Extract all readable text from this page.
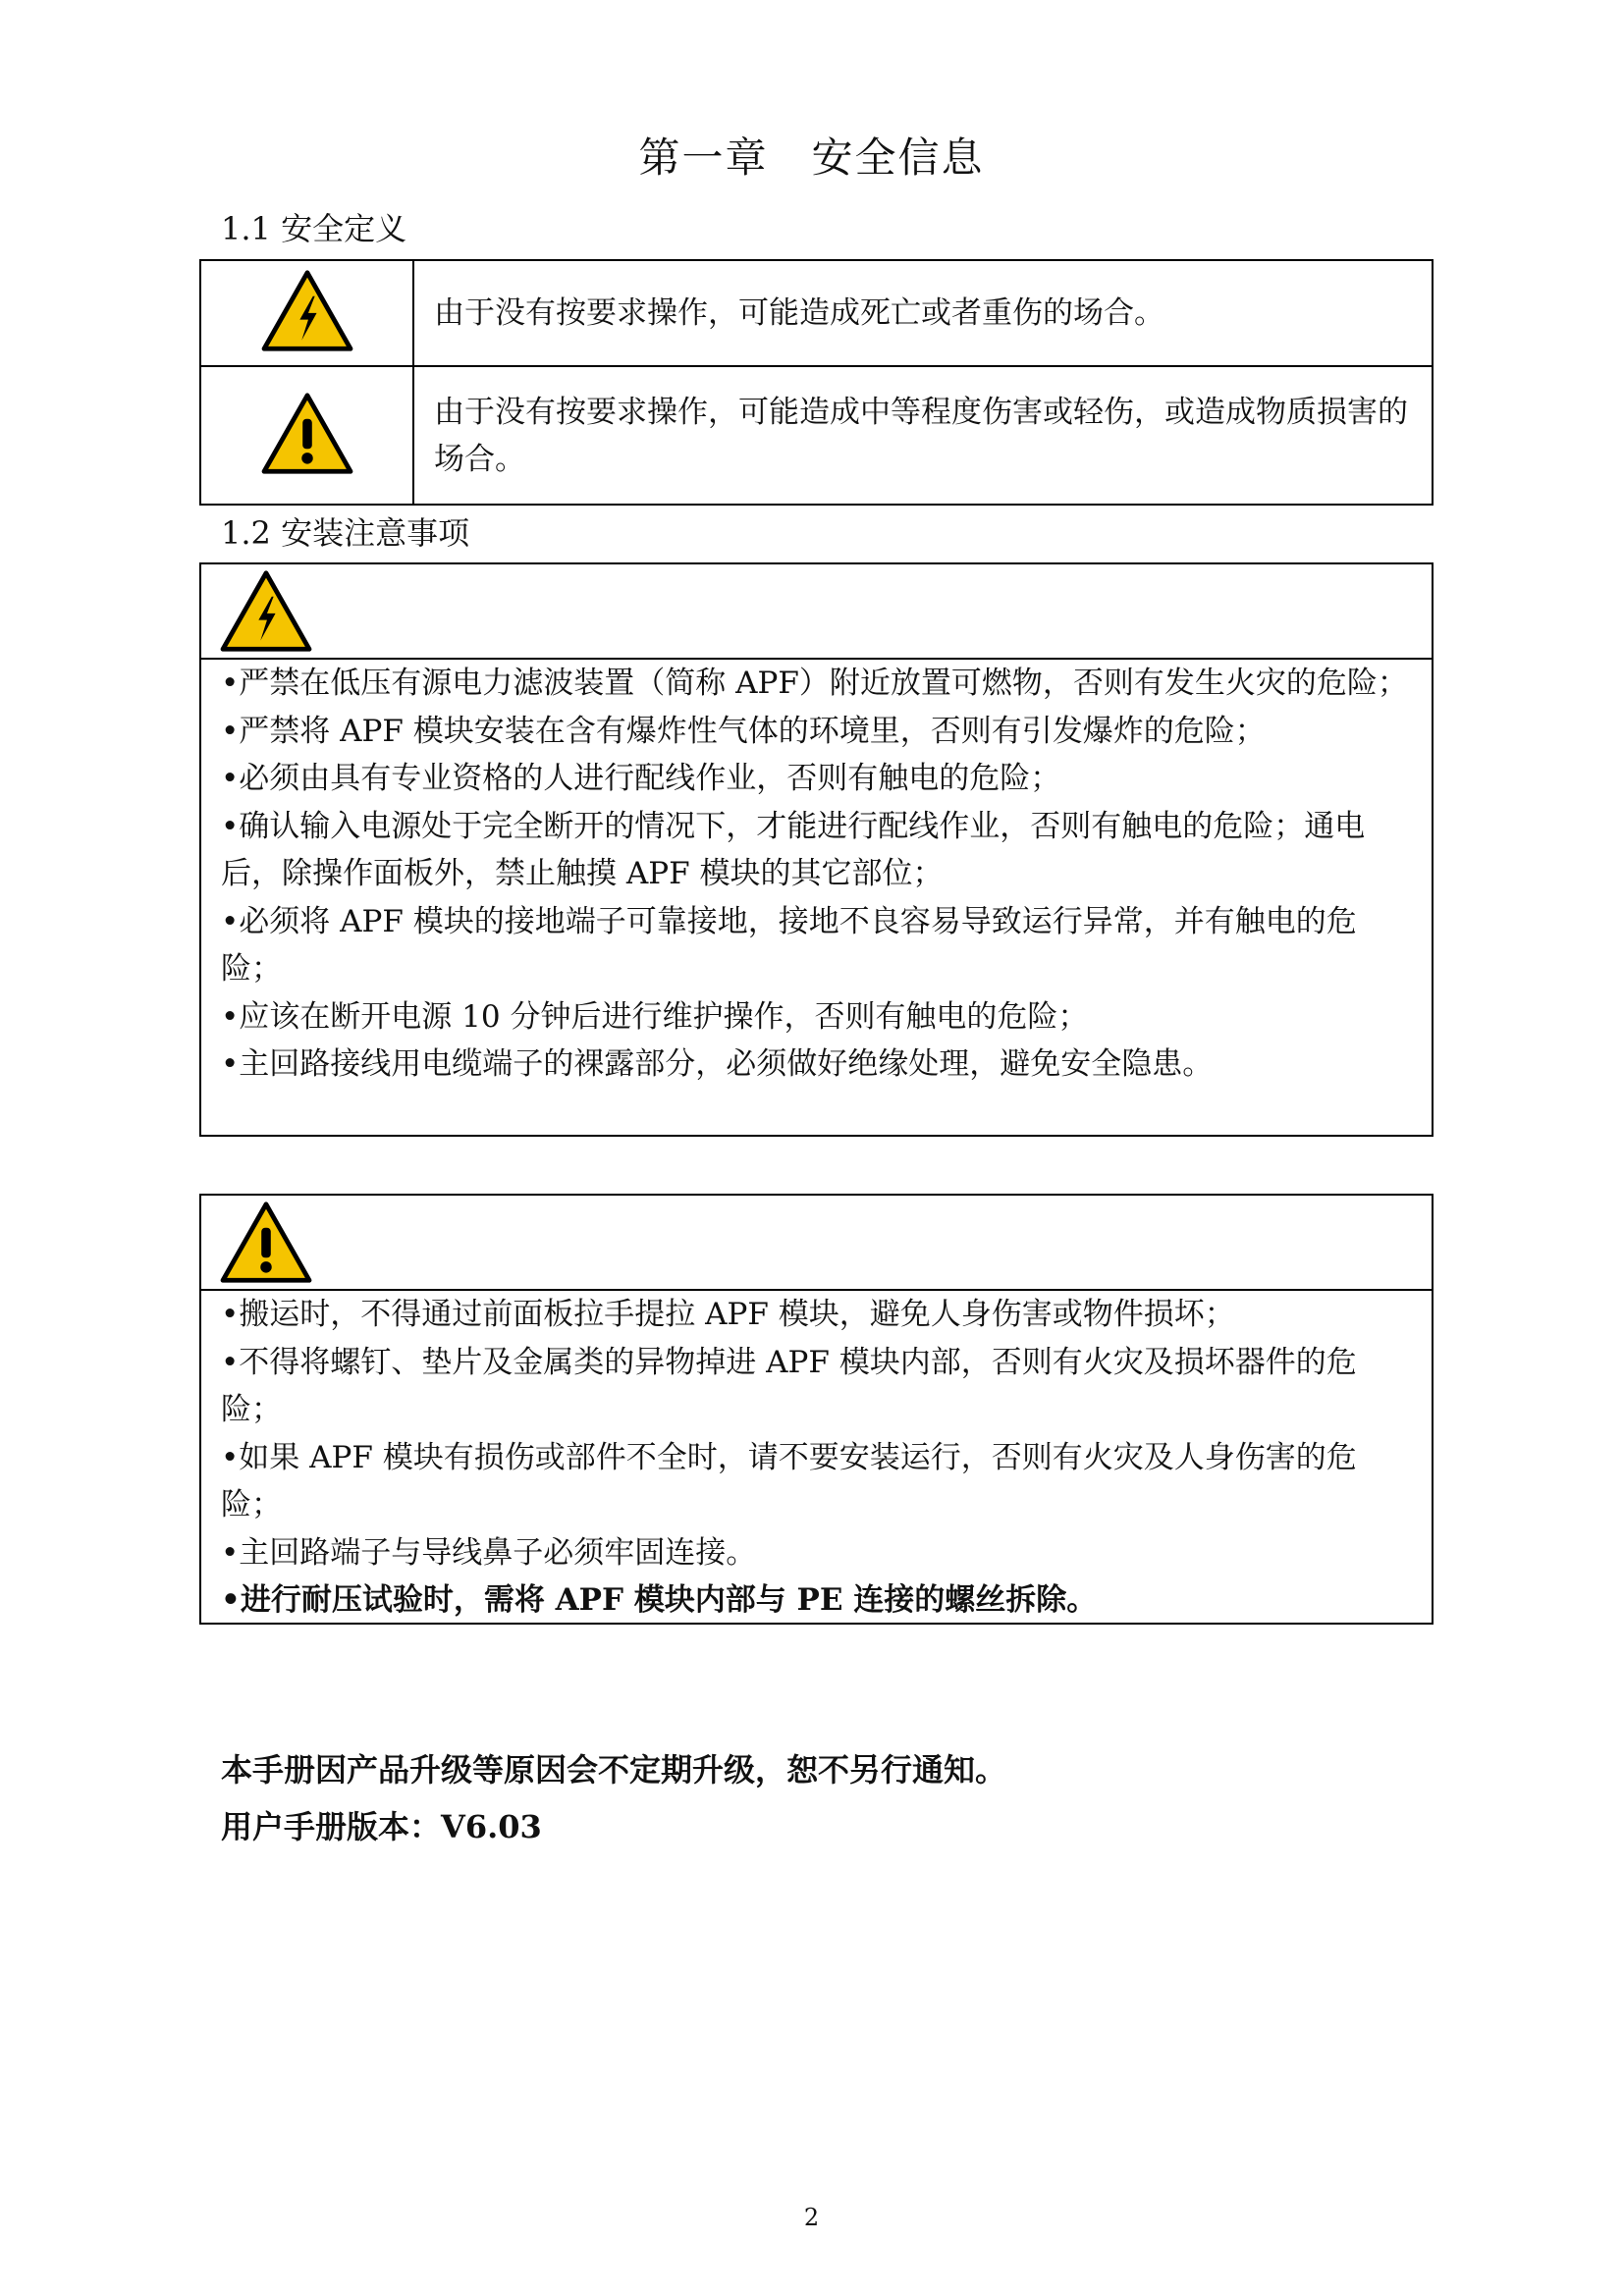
第一章　安全信息
1.1 安全定义
	由于没有按要求操作，可能造成死亡或者重伤的场合。
	由于没有按要求操作，可能造成中等程度伤害或轻伤，或造成物质损害的场合。
1.2 安装注意事项
•严禁在低压有源电力滤波装置（简称 APF）附近放置可燃物，否则有发生火灾的危险；
•严禁将 APF 模块安装在含有爆炸性气体的环境里，否则有引发爆炸的危险；
•必须由具有专业资格的人进行配线作业，否则有触电的危险；
•确认输入电源处于完全断开的情况下，才能进行配线作业，否则有触电的危险；通电后，除操作面板外，禁止触摸 APF 模块的其它部位；
•必须将 APF 模块的接地端子可靠接地，接地不良容易导致运行异常，并有触电的危险；
•应该在断开电源 10 分钟后进行维护操作，否则有触电的危险；
•主回路接线用电缆端子的裸露部分，必须做好绝缘处理，避免安全隐患。
•搬运时，不得通过前面板拉手提拉 APF 模块，避免人身伤害或物件损坏；
•不得将螺钉、垫片及金属类的异物掉进 APF 模块内部，否则有火灾及损坏器件的危险；
•如果 APF 模块有损伤或部件不全时，请不要安装运行，否则有火灾及人身伤害的危险；
•主回路端子与导线鼻子必须牢固连接。
•进行耐压试验时，需将 APF 模块内部与 PE 连接的螺丝拆除。

本手册因产品升级等原因会不定期升级，恕不另行通知。

用户手册版本：V6.03

2
